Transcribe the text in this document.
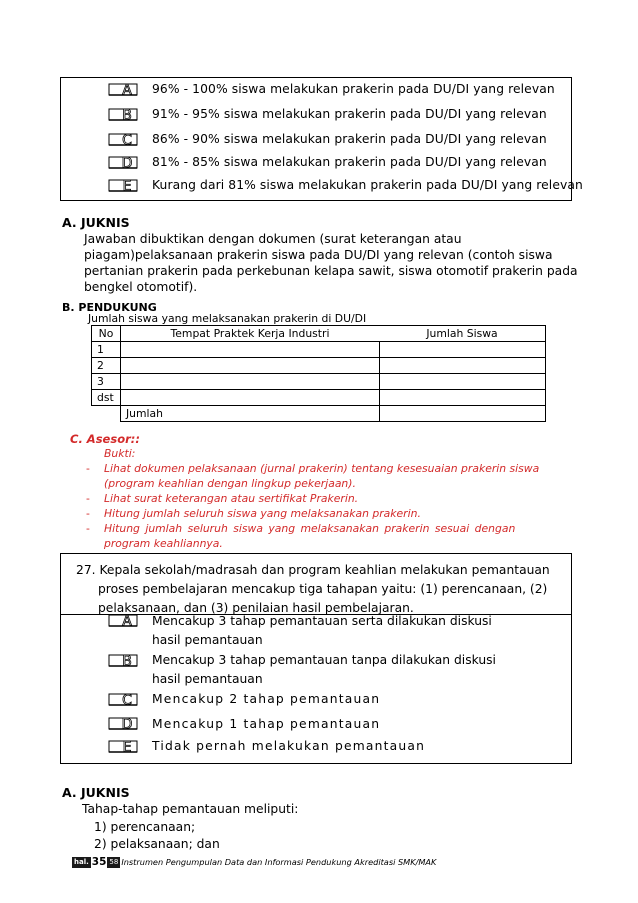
A
B
C
D
E
96% - 100% siswa melakukan prakerin pada DU/DI yang relevan
91% - 95% siswa melakukan prakerin pada DU/DI yang relevan
86% - 90% siswa melakukan prakerin pada DU/DI yang relevan
81% - 85% siswa melakukan prakerin pada DU/DI yang relevan
Kurang dari 81% siswa melakukan prakerin pada DU/DI yang relevan
A. JUKNIS
Jawaban dibuktikan dengan dokumen (surat keterangan atau
piagam)pelaksanaan prakerin siswa pada DU/DI yang relevan (contoh siswa
pertanian prakerin pada perkebunan kelapa sawit, siswa otomotif prakerin pada
bengkel otomotif).
B. PENDUKUNG
Jumlah siswa yang melaksanakan prakerin di DU/DI
No	Tempat Praktek Kerja Industri	Jumlah Siswa
1		
2		
3		
dst		
	Jumlah	
C. Asesor::
Bukti:
- Lihat dokumen pelaksanaan (jurnal prakerin) tentang kesesuaian prakerin siswa
(program keahlian dengan lingkup pekerjaan).
- Lihat surat keterangan atau sertifikat Prakerin.
- Hitung jumlah seluruh siswa yang melaksanakan prakerin.
- Hitung jumlah seluruh siswa yang melaksanakan prakerin sesuai dengan
program keahliannya.
27. Kepala sekolah/madrasah dan program keahlian melakukan pemantauan
proses pembelajaran mencakup tiga tahapan yaitu: (1) perencanaan, (2)
pelaksanaan, dan (3) penilaian hasil pembelajaran.
A
B
C
D
E
Mencakup 3 tahap pemantauan serta dilakukan diskusi hasil pemantauan
Mencakup 3 tahap pemantauan tanpa dilakukan diskusi hasil pemantauan
Mencakup 2 tahap pemantauan
Mencakup 1 tahap pemantauan
Tidak pernah melakukan pemantauan
A. JUKNIS
Tahap-tahap pemantauan meliputi:
1) perencanaan;
2) pelaksanaan; dan
hal. 35 58 Instrumen Pengumpulan Data dan Informasi Pendukung Akreditasi SMK/MAK
